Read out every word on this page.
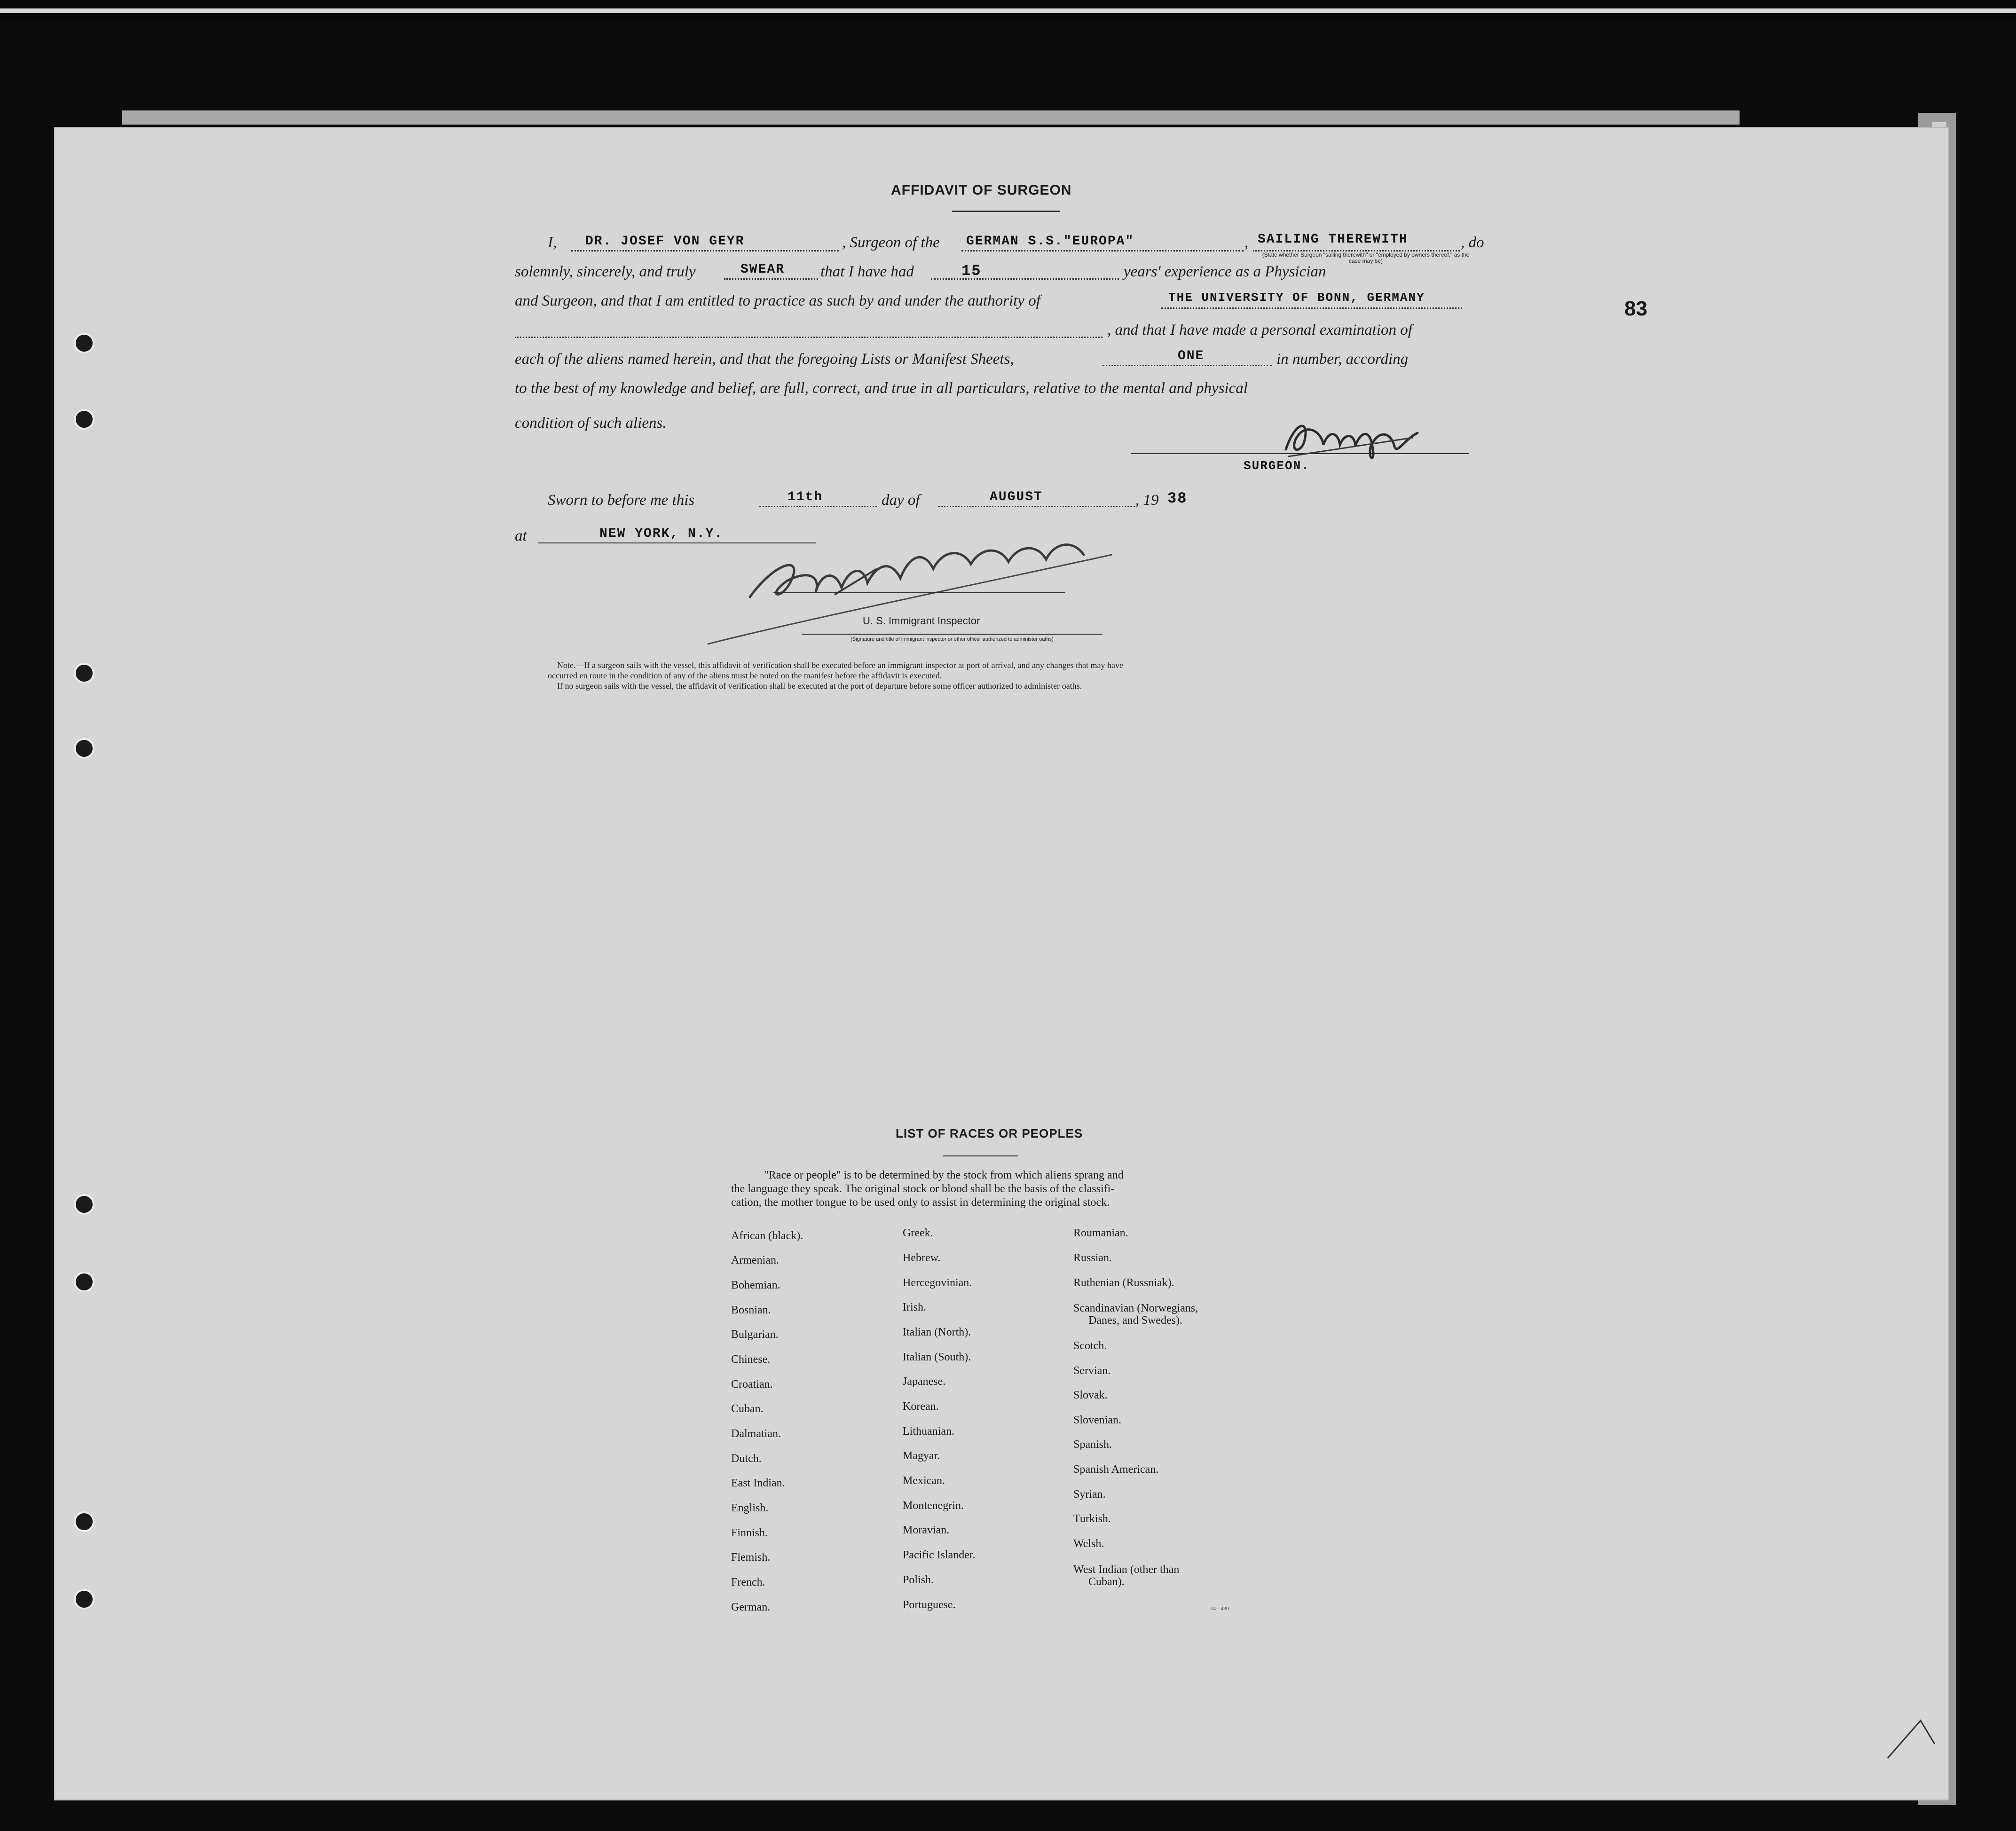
83
AFFIDAVIT OF SURGEON
I, DR. JOSEF VON GEYR	, Surgeon of the GERMAN S.S."EUROPA"	, SAILING THEREWITH	, do
(State whether Surgeon "sailing therewith" or "employed by owners thereof," as the case may be)
solemnly, sincerely, and truly	SWEAR that I have had	15	years' experience as a Physician
and Surgeon, and that I am entitled to practice as such by and under the authority of	THE UNIVERSITY OF BONN, GERMANY
, and that I have made a personal examination of
each of the aliens named herein, and that the foregoing Lists or Manifest Sheets,	ONE	in number, according
to the best of my knowledge and belief, are full, correct, and true in all particulars, relative to the mental and physical
condition of such aliens.
SURGEON.
Sworn to before me this	11th	day of	AUGUST	, 19 38
at	NEW YORK, N.Y.
U. S. Immigrant Inspector
(Signature and title of immigrant inspector or other officer authorized to administer oaths)
Note.—If a surgeon sails with the vessel, this affidavit of verification shall be executed before an immigrant inspector at port of arrival, and any changes that may have
occurred en route in the condition of any of the aliens must be noted on the manifest before the affidavit is executed.
If no surgeon sails with the vessel, the affidavit of verification shall be executed at the port of departure before some officer authorized to administer oaths.
LIST OF RACES OR PEOPLES
"Race or people" is to be determined by the stock from which aliens sprang and
the language they speak. The original stock or blood shall be the basis of the classifi-
cation, the mother tongue to be used only to assist in determining the original stock.
African (black).
Armenian.
Bohemian.
Bosnian.
Bulgarian.
Chinese.
Croatian.
Cuban.
Dalmatian.
Dutch.
East Indian.
English.
Finnish.
Flemish.
French.
German.
Greek.
Hebrew.
Hercegovinian.
Irish.
Italian (North).
Italian (South).
Japanese.
Korean.
Lithuanian.
Magyar.
Mexican.
Montenegrin.
Moravian.
Pacific Islander.
Polish.
Portuguese.
Roumanian.
Russian.
Ruthenian (Russniak).
Scandinavian (Norwegians,
Danes, and Swedes).
Scotch.
Servian.
Slovak.
Slovenian.
Spanish.
Spanish American.
Syrian.
Turkish.
Welsh.
West Indian (other than
Cuban).
14—430
